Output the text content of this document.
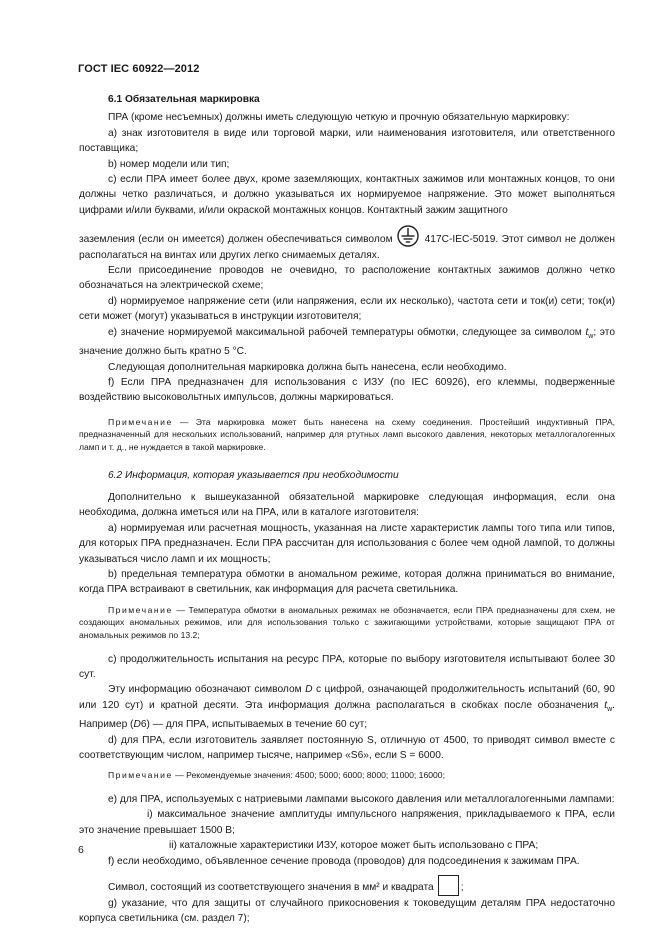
ГОСТ IEC 60922—2012
6.1 Обязательная маркировка

ПРА (кроме несъемных) должны иметь следующую четкую и прочную обязательную маркировку:

а) знак изготовителя в виде или торговой марки, или наименования изготовителя, или ответственного поставщика;

b) номер модели или тип;

с) если ПРА имеет более двух, кроме заземляющих, контактных зажимов или монтажных концов, то они должны четко различаться, и должно указываться их нормируемое напряжение. Это может выполняться цифрами и/или буквами, и/или окраской монтажных концов. Контактный зажим защитного

заземления (если он имеется) должен обеспечиваться символом	417С-IEC-5019. Этот символ не должен располагаться на винтах или других легко снимаемых деталях.

Если присоединение проводов не очевидно, то расположение контактных зажимов должно четко обозначаться на электрической схеме;

d) нормируемое напряжение сети (или напряжения, если их несколько), частота сети и ток(и) сети; ток(и) сети может (могут) указываться в инструкции изготовителя;

е) значение нормируемой максимальной рабочей температуры обмотки, следующее за символом $t_w$; это значение должно быть кратно 5 °С.

Следующая дополнительная маркировка должна быть нанесена, если необходимо.

f) Если ПРА предназначен для использования с ИЗУ (по IEC 60926), его клеммы, подверженные воздействию высоковольтных импульсов, должны маркироваться.

Примечание — Эта маркировка может быть нанесена на схему соединения. Простейший индуктивный ПРА, предназначенный для нескольких использований, например для ртутных ламп высокого давления, некоторых металлогалогенных ламп и т. д., не нуждается в такой маркировке.

6.2 Информация, которая указывается при необходимости

Дополнительно к вышеуказанной обязательной маркировке следующая информация, если она необходима, должна иметься или на ПРА, или в каталоге изготовителя:

а) нормируемая или расчетная мощность, указанная на листе характеристик лампы того типа или типов, для которых ПРА предназначен. Если ПРА рассчитан для использования с более чем одной лампой, то должны указываться число ламп и их мощность;

b) предельная температура обмотки в аномальном режиме, которая должна приниматься во внимание, когда ПРА встраивают в светильник, как информация для расчета светильника.

Примечание — Температура обмотки в аномальных режимах не обозначается, если ПРА предназначены для схем, не создающих аномальных режимов, или для использования только с зажигающими устройствами, которые защищают ПРА от аномальных режимов по 13.2;

с) продолжительность испытания на ресурс ПРА, которые по выбору изготовителя испытывают более 30 сут.

Эту информацию обозначают символом D с цифрой, означающей продолжительность испытаний (60, 90 или 120 сут) и кратной десяти. Эта информация должна располагаться в скобках после обозначения $t_w$. Например (D6) — для ПРА, испытываемых в течение 60 сут;

d) для ПРА, если изготовитель заявляет постоянную S, отличную от 4500, то приводят символ вместе с соответствующим числом, например тысяче, например «S6», если S = 6000.

Примечание — Рекомендуемые значения: 4500; 5000; 6000; 8000; 11000; 16000;

е) для ПРА, используемых с натриевыми лампами высокого давления или металлогалогенными лампами:

i) максимальное значение амплитуды импульсного напряжения, прикладываемого к ПРА, если это значение превышает 1500 В;

ii) каталожные характеристики ИЗУ, которое может быть использовано с ПРА;

f) если необходимо, объявленное сечение провода (проводов) для подсоединения к зажимам ПРА.

Символ, состоящий из соответствующего значения в мм² и квадрата	;

g) указание, что для защиты от случайного прикосновения к токоведущим деталям ПРА недостаточно корпуса светильника (см. раздел 7);

6
